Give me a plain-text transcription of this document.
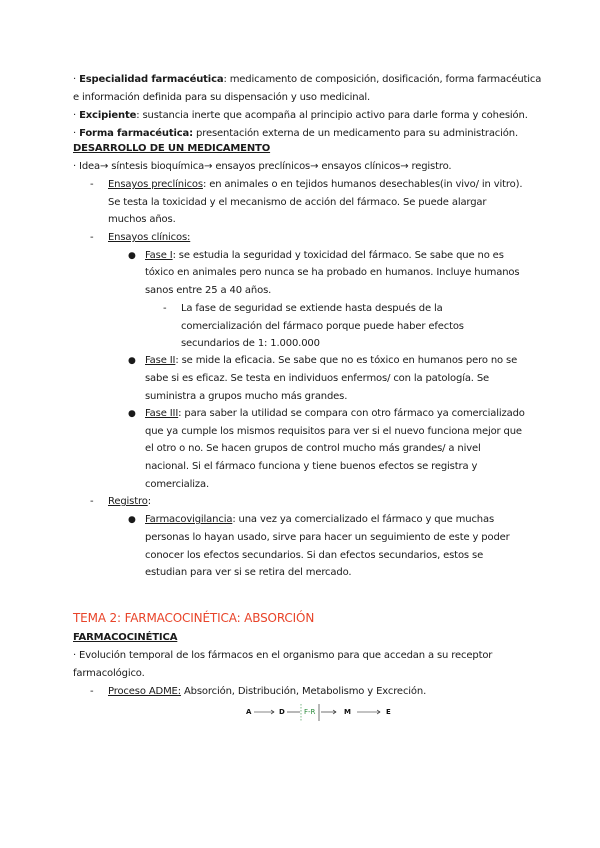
· Especialidad farmacéutica: medicamento de composición, dosificación, forma farmacéutica
e información definida para su dispensación y uso medicinal.
· Excipiente: sustancia inerte que acompaña al principio activo para darle forma y cohesión.
· Forma farmacéutica: presentación externa de un medicamento para su administración.
DESARROLLO DE UN MEDICAMENTO
· Idea→ síntesis bioquímica→ ensayos preclínicos→ ensayos clínicos→ registro.
- Ensayos preclínicos: en animales o en tejidos humanos desechables(in vivo/ in vitro).
Se testa la toxicidad y el mecanismo de acción del fármaco. Se puede alargar
muchos años.
- Ensayos clínicos:
● Fase I: se estudia la seguridad y toxicidad del fármaco. Se sabe que no es
tóxico en animales pero nunca se ha probado en humanos. Incluye humanos
sanos entre 25 a 40 años.
- La fase de seguridad se extiende hasta después de la
comercialización del fármaco porque puede haber efectos
secundarios de 1: 1.000.000
● Fase II: se mide la eficacia. Se sabe que no es tóxico en humanos pero no se
sabe si es eficaz. Se testa en individuos enfermos/ con la patología. Se
suministra a grupos mucho más grandes.
● Fase III: para saber la utilidad se compara con otro fármaco ya comercializado
que ya cumple los mismos requisitos para ver si el nuevo funciona mejor que
el otro o no. Se hacen grupos de control mucho más grandes/ a nivel
nacional. Si el fármaco funciona y tiene buenos efectos se registra y
comercializa.
- Registro:
● Farmacovigilancia: una vez ya comercializado el fármaco y que muchas
personas lo hayan usado, sirve para hacer un seguimiento de este y poder
conocer los efectos secundarios. Si dan efectos secundarios, estos se
estudian para ver si se retira del mercado.
TEMA 2: FARMACOCINÉTICA: ABSORCIÓN
FARMACOCINÉTICA
· Evolución temporal de los fármacos en el organismo para que accedan a su receptor
farmacológico.
- Proceso ADME: Absorción, Distribución, Metabolismo y Excreción.
A	D	F-R	M	E
